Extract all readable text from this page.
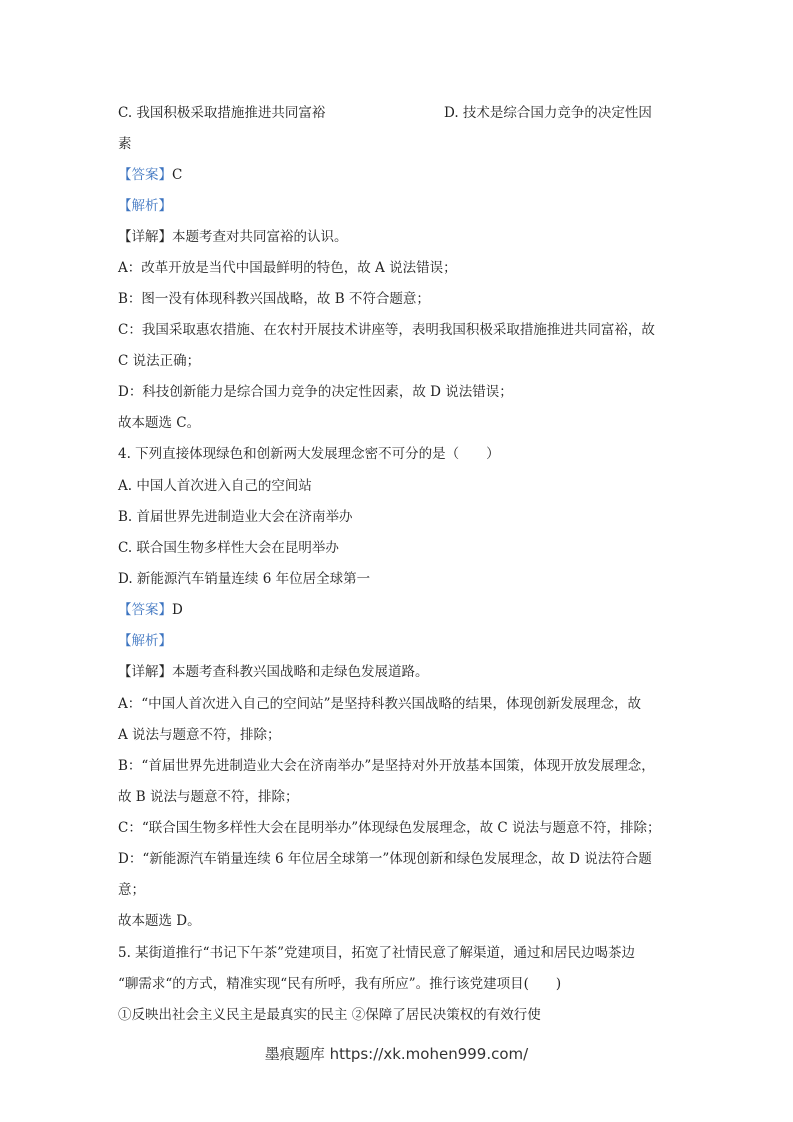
C. 我国积极采取措施推进共同富裕	D. 技术是综合国力竞争的决定性因
素
【答案】C
【解析】
【详解】本题考查对共同富裕的认识。
A：改革开放是当代中国最鲜明的特色，故 A 说法错误；
B：图一没有体现科教兴国战略，故 B 不符合题意；
C：我国采取惠农措施、在农村开展技术讲座等，表明我国积极采取措施推进共同富裕，故
C 说法正确；
D：科技创新能力是综合国力竞争的决定性因素，故 D 说法错误；
故本题选 C。
4. 下列直接体现绿色和创新两大发展理念密不可分的是（　　）
A. 中国人首次进入自己的空间站
B. 首届世界先进制造业大会在济南举办
C. 联合国生物多样性大会在昆明举办
D. 新能源汽车销量连续 6 年位居全球第一
【答案】D
【解析】
【详解】本题考查科教兴国战略和走绿色发展道路。
A：“中国人首次进入自己的空间站”是坚持科教兴国战略的结果，体现创新发展理念，故
A 说法与题意不符，排除；
B：“首届世界先进制造业大会在济南举办”是坚持对外开放基本国策，体现开放发展理念，
故 B 说法与题意不符，排除；
C：“联合国生物多样性大会在昆明举办”体现绿色发展理念，故 C 说法与题意不符，排除；
D：“新能源汽车销量连续 6 年位居全球第一”体现创新和绿色发展理念，故 D 说法符合题
意；
故本题选 D。
5. 某街道推行“书记下午茶”党建项目，拓宽了社情民意了解渠道，通过和居民边喝茶边
“聊需求“的方式，精准实现“民有所呼，我有所应”。推行该党建项目(　　)
①反映出社会主义民主是最真实的民主 ②保障了居民决策权的有效行使
墨痕题库 https://xk.mohen999.com/
